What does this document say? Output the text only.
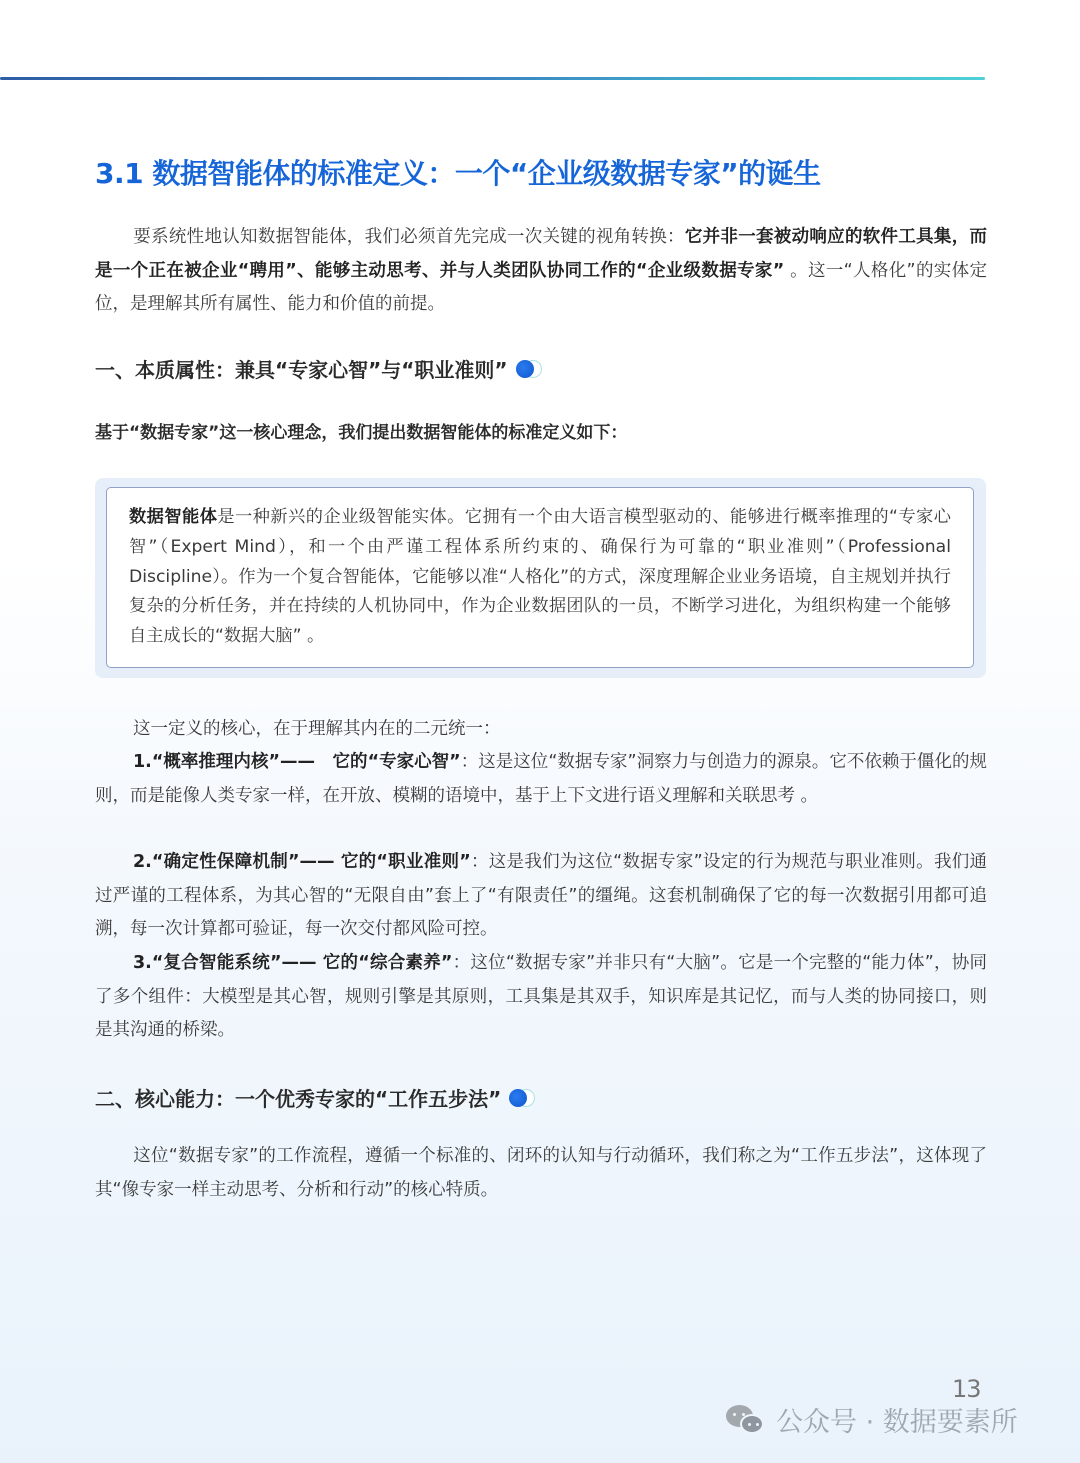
3.1 数据智能体的标准定义：一个“企业级数据专家”的诞生

要系统性地认知数据智能体，我们必须首先完成一次关键的视角转换：它并非一套被动响应的软件工具集，而是一个正在被企业“聘用”、能够主动思考、并与人类团队协同工作的“企业级数据专家” 。这一“人格化”的实体定位，是理解其所有属性、能力和价值的前提。

一、本质属性：兼具“专家心智”与“职业准则”

基于“数据专家”这一核心理念，我们提出数据智能体的标准定义如下：

数据智能体是一种新兴的企业级智能实体。它拥有一个由大语言模型驱动的、能够进行概率推理的“专家心智”（Expert Mind），和一个由严谨工程体系所约束的、确保行为可靠的“职业准则”（Professional Discipline）。作为一个复合智能体，它能够以准“人格化”的方式，深度理解企业业务语境，自主规划并执行复杂的分析任务，并在持续的人机协同中，作为企业数据团队的一员，不断学习进化，为组织构建一个能够自主成长的“数据大脑” 。

这一定义的核心，在于理解其内在的二元统一：

1.“概率推理内核”——　它的“专家心智”：这是这位“数据专家”洞察力与创造力的源泉。它不依赖于僵化的规则，而是能像人类专家一样，在开放、模糊的语境中，基于上下文进行语义理解和关联思考 。

2.“确定性保障机制”—— 它的“职业准则”：这是我们为这位“数据专家”设定的行为规范与职业准则。我们通过严谨的工程体系，为其心智的“无限自由”套上了“有限责任”的缰绳。这套机制确保了它的每一次数据引用都可追溯，每一次计算都可验证，每一次交付都风险可控。

3.“复合智能系统”—— 它的“综合素养”：这位“数据专家”并非只有“大脑”。它是一个完整的“能力体”，协同了多个组件：大模型是其心智，规则引擎是其原则，工具集是其双手，知识库是其记忆，而与人类的协同接口，则是其沟通的桥梁。

二、核心能力：一个优秀专家的“工作五步法”

这位“数据专家”的工作流程，遵循一个标准的、闭环的认知与行动循环，我们称之为“工作五步法”，这体现了其“像专家一样主动思考、分析和行动”的核心特质。

13
公众号 · 数据要素所
